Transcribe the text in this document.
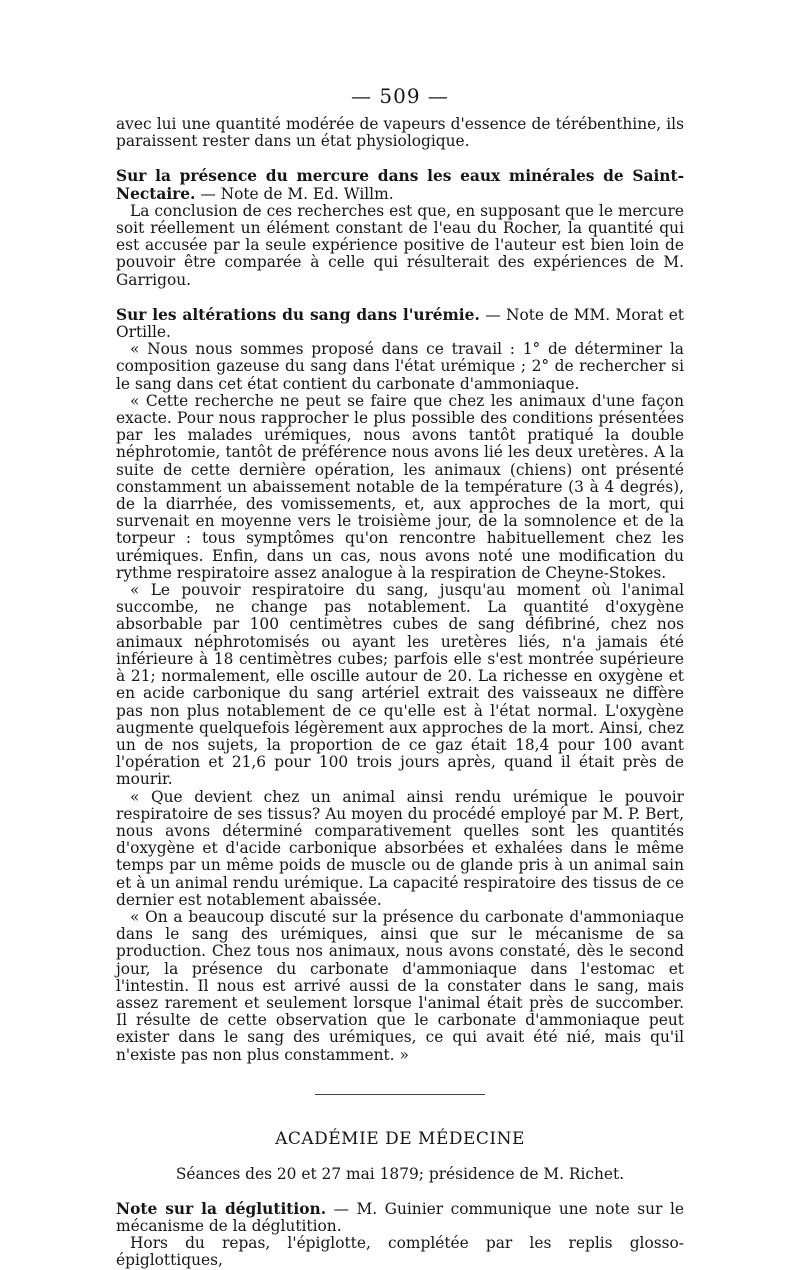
— 509 —

avec lui une quantité modérée de vapeurs d'essence de térébenthine, ils paraissent rester dans un état physiologique.

Sur la présence du mercure dans les eaux minérales de Saint-Nectaire. — Note de M. Ed. Willm.

La conclusion de ces recherches est que, en supposant que le mercure soit réellement un élément constant de l'eau du Rocher, la quantité qui est accusée par la seule expérience positive de l'auteur est bien loin de pouvoir être comparée à celle qui résulterait des expériences de M. Garrigou.

Sur les altérations du sang dans l'urémie. — Note de MM. Morat et Ortille.

« Nous nous sommes proposé dans ce travail : 1° de déterminer la composition gazeuse du sang dans l'état urémique ; 2° de rechercher si le sang dans cet état contient du carbonate d'ammoniaque.

« Cette recherche ne peut se faire que chez les animaux d'une façon exacte. Pour nous rapprocher le plus possible des conditions présentées par les malades urémiques, nous avons tantôt pratiqué la double néphrotomie, tantôt de préférence nous avons lié les deux uretères. A la suite de cette dernière opération, les animaux (chiens) ont présenté constamment un abaissement notable de la température (3 à 4 degrés), de la diarrhée, des vomissements, et, aux approches de la mort, qui survenait en moyenne vers le troisième jour, de la somnolence et de la torpeur : tous symptômes qu'on rencontre habituellement chez les urémiques. Enfin, dans un cas, nous avons noté une modification du rythme respiratoire assez analogue à la respiration de Cheyne-Stokes.

« Le pouvoir respiratoire du sang, jusqu'au moment où l'animal succombe, ne change pas notablement. La quantité d'oxygène absorbable par 100 centimètres cubes de sang défibriné, chez nos animaux néphrotomisés ou ayant les uretères liés, n'a jamais été inférieure à 18 centimètres cubes; parfois elle s'est montrée supérieure à 21; normalement, elle oscille autour de 20. La richesse en oxygène et en acide carbonique du sang artériel extrait des vaisseaux ne diffère pas non plus notablement de ce qu'elle est à l'état normal. L'oxygène augmente quelquefois légèrement aux approches de la mort. Ainsi, chez un de nos sujets, la proportion de ce gaz était 18,4 pour 100 avant l'opération et 21,6 pour 100 trois jours après, quand il était près de mourir.

« Que devient chez un animal ainsi rendu urémique le pouvoir respiratoire de ses tissus? Au moyen du procédé employé par M. P. Bert, nous avons déterminé comparativement quelles sont les quantités d'oxygène et d'acide carbonique absorbées et exhalées dans le même temps par un même poids de muscle ou de glande pris à un animal sain et à un animal rendu urémique. La capacité respiratoire des tissus de ce dernier est notablement abaissée.

« On a beaucoup discuté sur la présence du carbonate d'ammoniaque dans le sang des urémiques, ainsi que sur le mécanisme de sa production. Chez tous nos animaux, nous avons constaté, dès le second jour, la présence du carbonate d'ammoniaque dans l'estomac et l'intestin. Il nous est arrivé aussi de la constater dans le sang, mais assez rarement et seulement lorsque l'animal était près de succomber. Il résulte de cette observation que le carbonate d'ammoniaque peut exister dans le sang des urémiques, ce qui avait été nié, mais qu'il n'existe pas non plus constamment. »

ACADÉMIE DE MÉDECINE
Séances des 20 et 27 mai 1879; présidence de M. Richet.

Note sur la déglutition. — M. Guinier communique une note sur le mécanisme de la déglutition.

Hors du repas, l'épiglotte, complétée par les replis glosso-épiglottiques,
